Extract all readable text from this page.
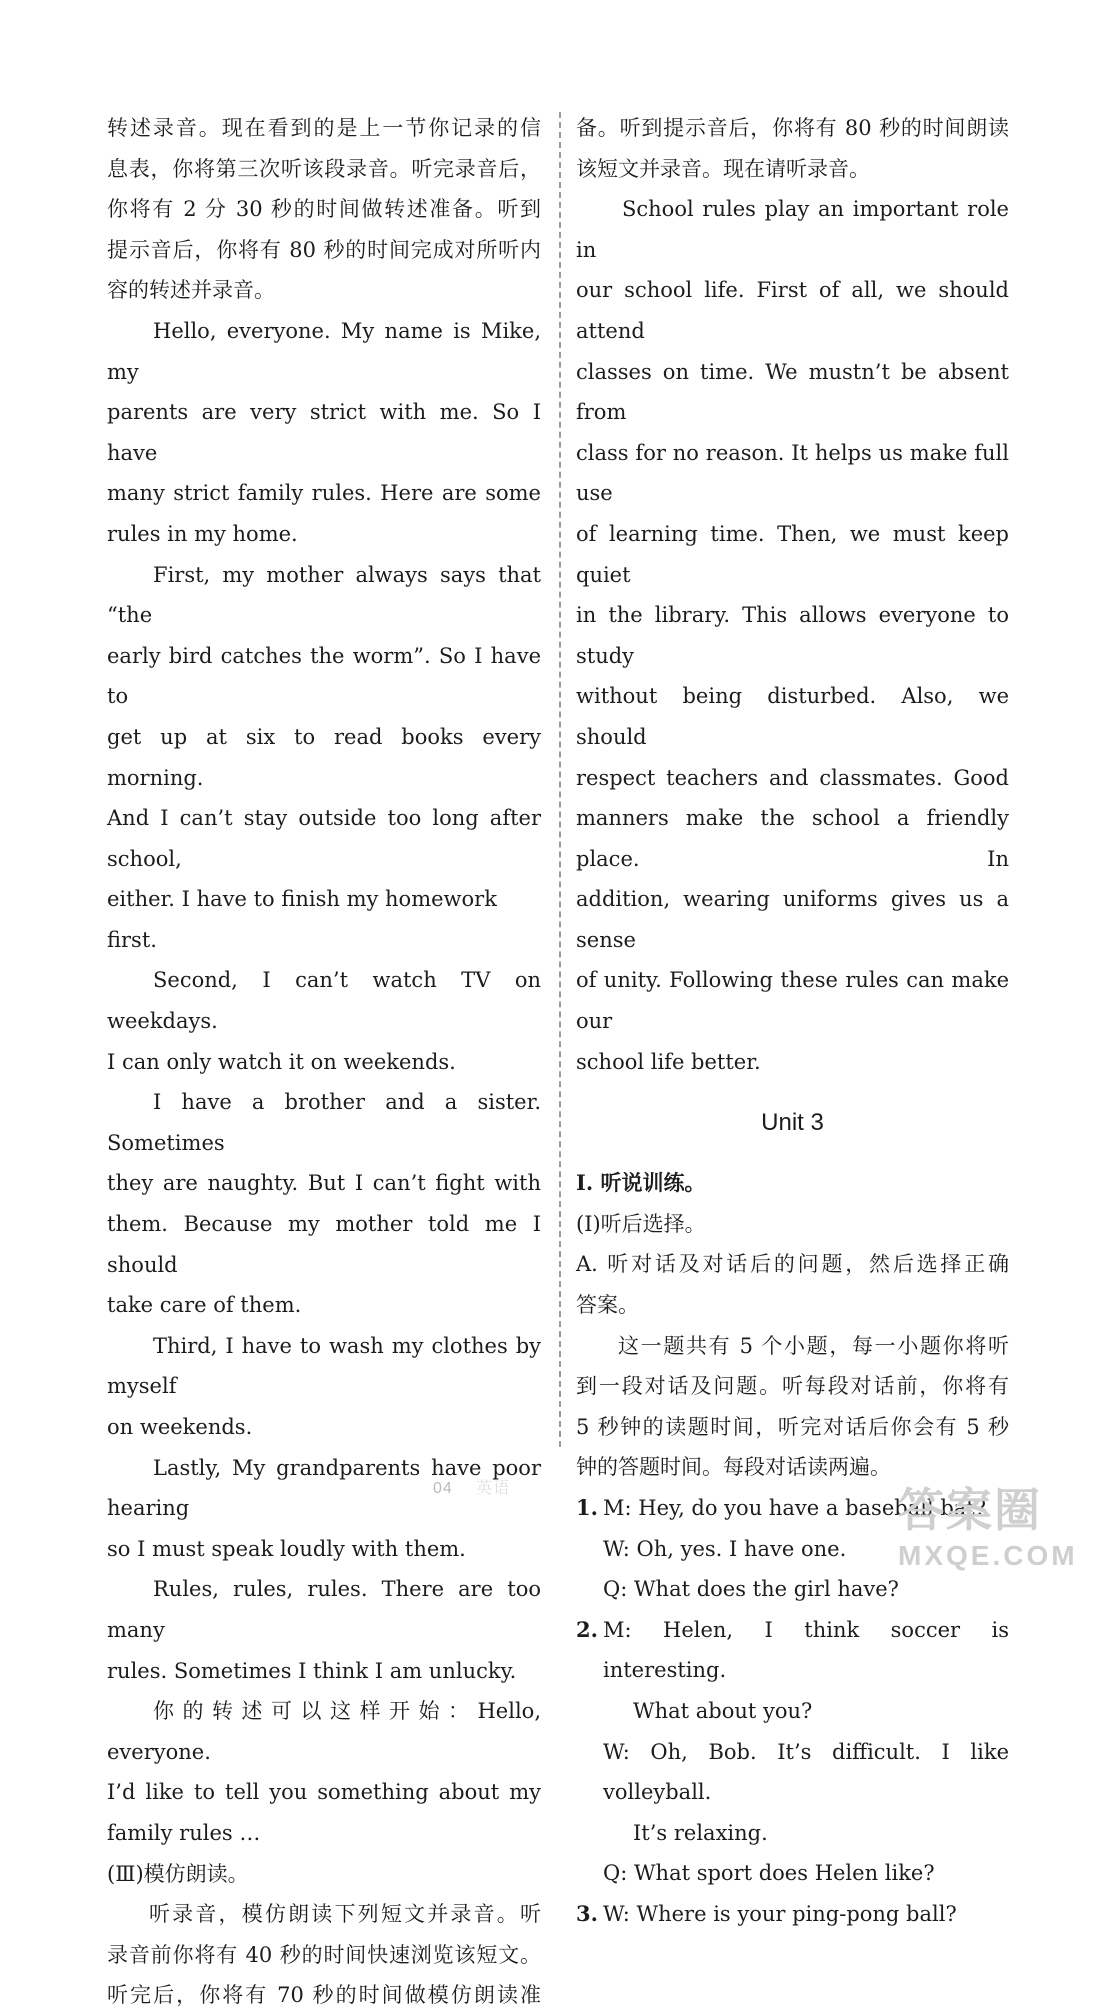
转述录音。现在看到的是上一节你记录的信

息表，你将第三次听该段录音。听完录音后，

你将有 2 分 30 秒的时间做转述准备。听到

提示音后，你将有 80 秒的时间完成对所听内

容的转述并录音。

Hello, everyone. My name is Mike, my

parents are very strict with me. So I have

many strict family rules. Here are some

rules in my home.

First, my mother always says that “the

early bird catches the worm”. So I have to

get up at six to read books every morning.

And I can’t stay outside too long after school,

either. I have to finish my homework first.

Second, I can’t watch TV on weekdays.

I can only watch it on weekends.

I have a brother and a sister. Sometimes

they are naughty. But I can’t fight with

them. Because my mother told me I should

take care of them.

Third, I have to wash my clothes by myself

on weekends.

Lastly, My grandparents have poor hearing

so I must speak loudly with them.

Rules, rules, rules. There are too many

rules. Sometimes I think I am unlucky.

你的转述可以这样开始：Hello, everyone.

I’d like to tell you something about my

family rules …

(Ⅲ)模仿朗读。

听录音，模仿朗读下列短文并录音。听

录音前你将有 40 秒的时间快速浏览该短文。

听完后，你将有 70 秒的时间做模仿朗读准

备。听到提示音后，你将有 80 秒的时间朗读

该短文并录音。现在请听录音。

School rules play an important role in

our school life. First of all, we should attend

classes on time. We mustn’t be absent from

class for no reason. It helps us make full use

of learning time. Then, we must keep quiet

in the library. This allows everyone to study

without being disturbed. Also, we should

respect teachers and classmates. Good

manners make the school a friendly place. In

addition, wearing uniforms gives us a sense

of unity. Following these rules can make our

school life better.

Unit 3

Ⅰ. 听说训练。

(Ⅰ)听后选择。

A. 听对话及对话后的问题，然后选择正确

答案。

这一题共有 5 个小题，每一小题你将听

到一段对话及问题。听每段对话前，你将有

5 秒钟的读题时间，听完对话后你会有 5 秒

钟的答题时间。每段对话读两遍。

1. M: Hey, do you have a baseball bat?

W: Oh, yes. I have one.

Q: What does the girl have?

2. M: Helen, I think soccer is interesting.

What about you?

W: Oh, Bob. It’s difficult. I like volleyball.

It’s relaxing.

Q: What sport does Helen like?

3. W: Where is your ping-pong ball?
04 英语	答案圈
MXQE.COM
